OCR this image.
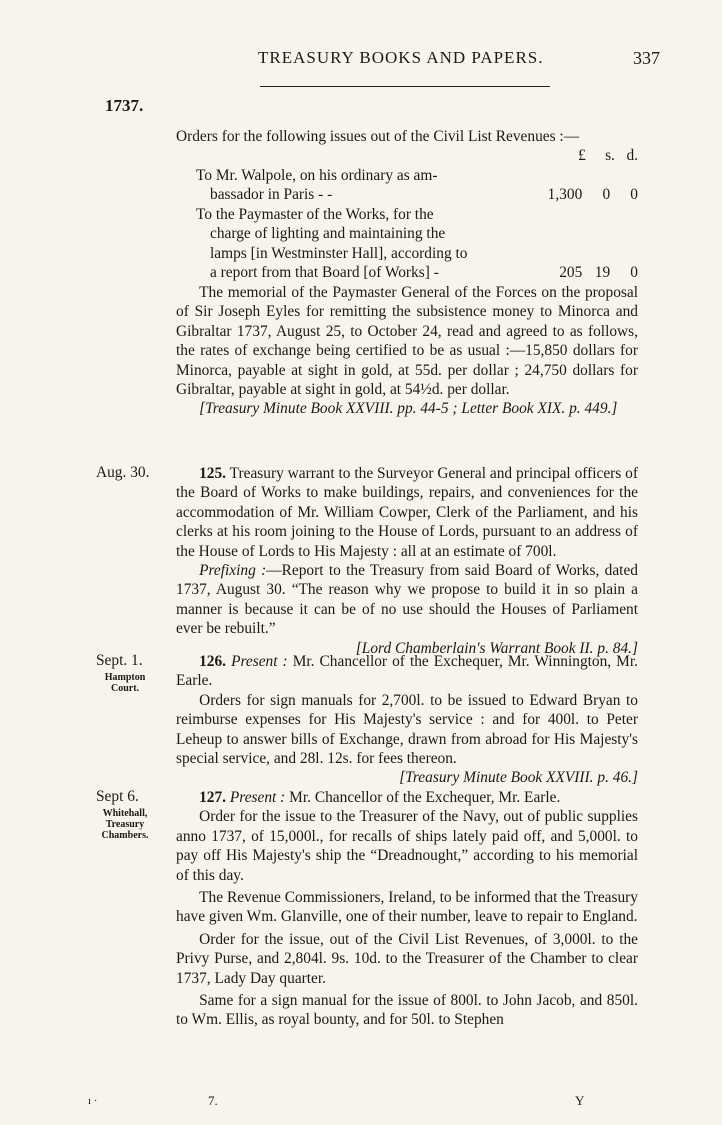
TREASURY BOOKS AND PAPERS.	337
1737.
Orders for the following issues out of the Civil List Revenues :—
£ s. d.
To Mr. Walpole, on his ordinary as am-
bassador in Paris - -	1,300 0 0
To the Paymaster of the Works, for the
charge of lighting and maintaining the
lamps [in Westminster Hall], according to
a report from that Board [of Works] -	205 19 0

The memorial of the Paymaster General of the Forces on the proposal of Sir Joseph Eyles for remitting the subsistence money to Minorca and Gibraltar 1737, August 25, to October 24, read and agreed to as follows, the rates of exchange being certified to be as usual :—15,850 dollars for Minorca, payable at sight in gold, at 55d. per dollar ; 24,750 dollars for Gibraltar, payable at sight in gold, at 54½d. per dollar.

[Treasury Minute Book XXVIII. pp. 44-5 ; Letter Book XIX. p. 449.]

Aug. 30.	125. Treasury warrant to the Surveyor General and principal officers of the Board of Works to make buildings, repairs, and conveniences for the accommodation of Mr. William Cowper, Clerk of the Parliament, and his clerks at his room joining to the House of Lords, pursuant to an address of the House of Lords to His Majesty : all at an estimate of 700l.

Prefixing :—Report to the Treasury from said Board of Works, dated 1737, August 30. “The reason why we propose to build it in so plain a manner is because it can be of no use should the Houses of Parliament ever be rebuilt.”

[Lord Chamberlain's Warrant Book II. p. 84.]

Sept. 1.
Hampton Court.

126. Present : Mr. Chancellor of the Exchequer, Mr. Winnington, Mr. Earle.

Orders for sign manuals for 2,700l. to be issued to Edward Bryan to reimburse expenses for His Majesty's service : and for 400l. to Peter Leheup to answer bills of Exchange, drawn from abroad for His Majesty's special service, and 28l. 12s. for fees thereon.

[Treasury Minute Book XXVIII. p. 46.]

Sept 6.
Whitehall, Treasury Chambers.

127. Present : Mr. Chancellor of the Exchequer, Mr. Earle.

Order for the issue to the Treasurer of the Navy, out of public supplies anno 1737, of 15,000l., for recalls of ships lately paid off, and 5,000l. to pay off His Majesty's ship the “Dreadnought,” according to his memorial of this day.

The Revenue Commissioners, Ireland, to be informed that the Treasury have given Wm. Glanville, one of their number, leave to repair to England.

Order for the issue, out of the Civil List Revenues, of 3,000l. to the Privy Purse, and 2,804l. 9s. 10d. to the Treasurer of the Chamber to clear 1737, Lady Day quarter.

Same for a sign manual for the issue of 800l. to John Jacob, and 850l. to Wm. Ellis, as royal bounty, and for 50l. to Stephen

ı ·	7.	Y
